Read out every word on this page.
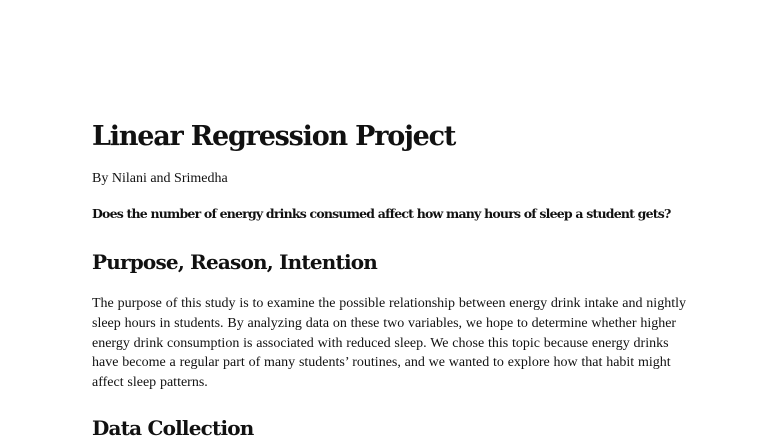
Linear Regression Project

By Nilani and Srimedha

Does the number of energy drinks consumed affect how many hours of sleep a student gets?

Purpose, Reason, Intention

The purpose of this study is to examine the possible relationship between energy drink intake and nightly sleep hours in students. By analyzing data on these two variables, we hope to determine whether higher energy drink consumption is associated with reduced sleep. We chose this topic because energy drinks have become a regular part of many students’ routines, and we wanted to explore how that habit might affect sleep patterns.

Data Collection
